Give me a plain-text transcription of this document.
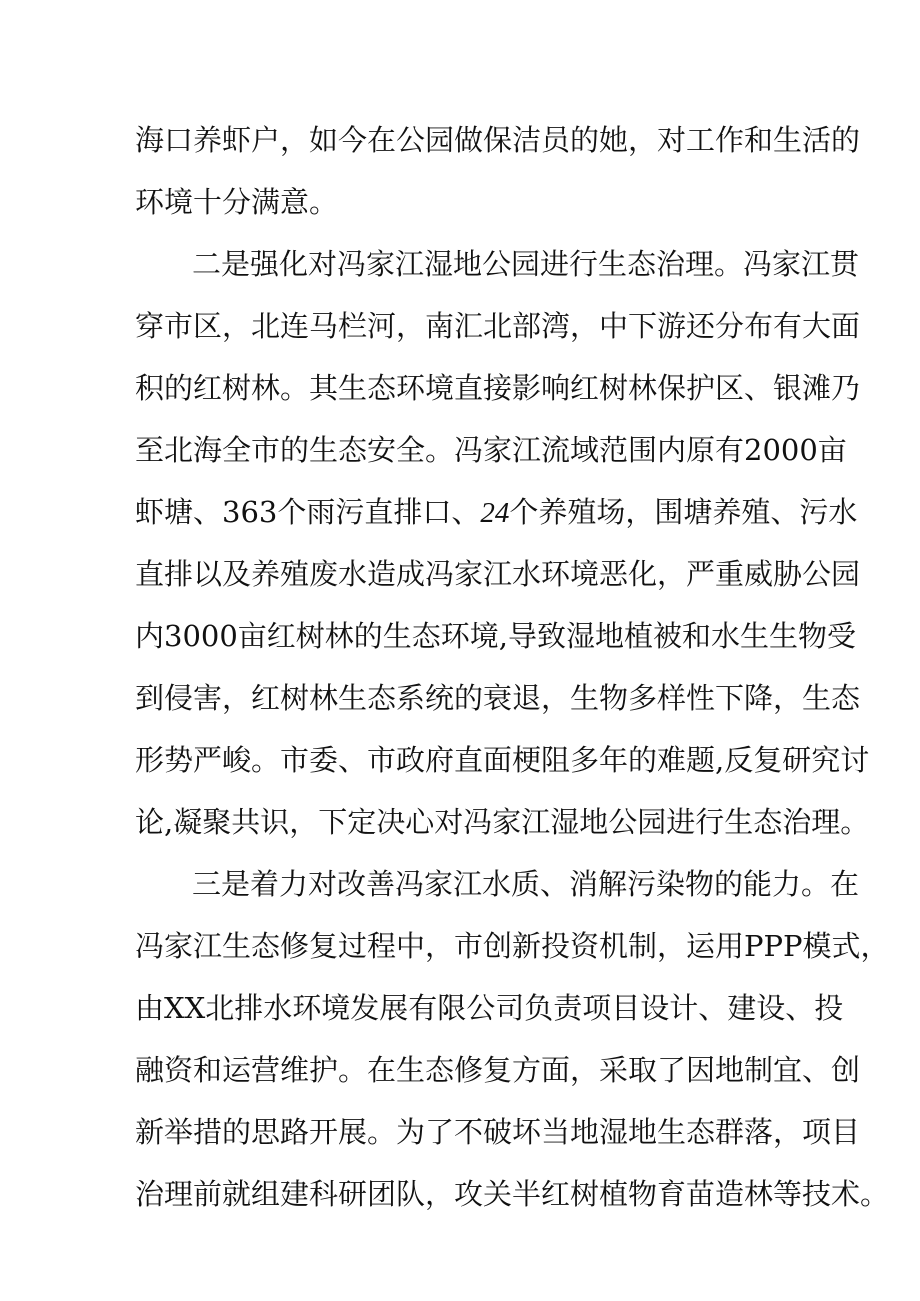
海口养虾户，如今在公园做保洁员的她，对工作和生活的
环境十分满意。
二是强化对冯家江湿地公园进行生态治理。冯家江贯
穿市区，北连马栏河，南汇北部湾，中下游还分布有大面
积的红树林。其生态环境直接影响红树林保护区、银滩乃
至北海全市的生态安全。冯家江流域范围内原有2000亩
虾塘、363个雨污直排口、24个养殖场，围塘养殖、污水
直排以及养殖废水造成冯家江水环境恶化，严重威胁公园
内3000亩红树林的生态环境,导致湿地植被和水生生物受
到侵害，红树林生态系统的衰退，生物多样性下降，生态
形势严峻。市委、市政府直面梗阻多年的难题,反复研究讨
论,凝聚共识，下定决心对冯家江湿地公园进行生态治理。
三是着力对改善冯家江水质、消解污染物的能力。在
冯家江生态修复过程中，市创新投资机制，运用PPP模式，
由XX北排水环境发展有限公司负责项目设计、建设、投
融资和运营维护。在生态修复方面，采取了因地制宜、创
新举措的思路开展。为了不破坏当地湿地生态群落，项目
治理前就组建科研团队，攻关半红树植物育苗造林等技术。
